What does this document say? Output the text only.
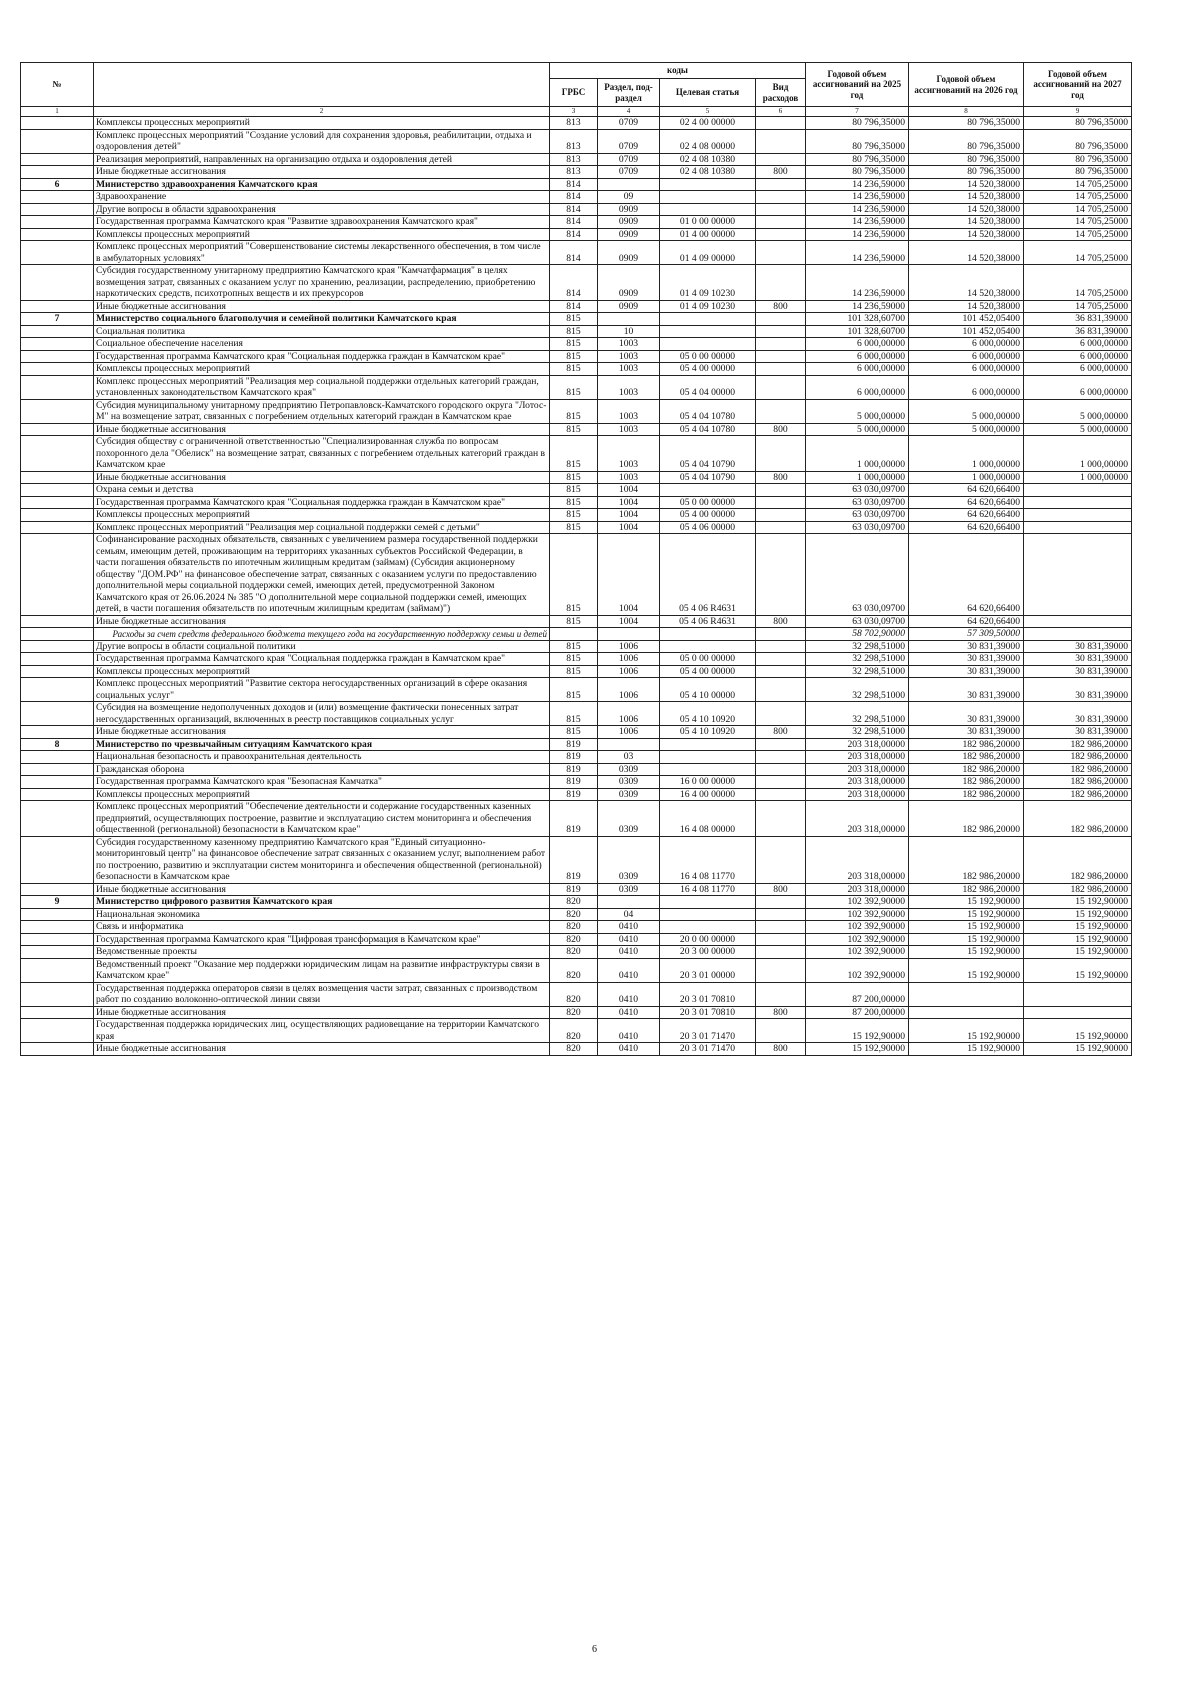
№		коды				Годовой объем ассигнований на 2025 год	Годовой объем ассигнований на 2026 год	Годовой объем ассигнований на 2027 год
		ГРБС	Раздел, под-раздел	Целевая статья	Вид расходов			
1	2	3	4	5	6	7	8	9
	Комплексы процессных мероприятий	813	0709	02 4 00 00000		80 796,35000	80 796,35000	80 796,35000
	Комплекс процессных мероприятий "Создание условий для сохранения здоровья, реабилитации, отдыха и оздоровления детей"	813	0709	02 4 08 00000		80 796,35000	80 796,35000	80 796,35000
	Реализация мероприятий, направленных на организацию отдыха и оздоровления детей	813	0709	02 4 08 10380		80 796,35000	80 796,35000	80 796,35000
	Иные бюджетные ассигнования	813	0709	02 4 08 10380	800	80 796,35000	80 796,35000	80 796,35000
6	Министерство здравоохранения Камчатского края	814				14 236,59000	14 520,38000	14 705,25000
	Здравоохранение	814	09			14 236,59000	14 520,38000	14 705,25000
	Другие вопросы в области здравоохранения	814	0909			14 236,59000	14 520,38000	14 705,25000
	Государственная программа Камчатского края "Развитие здравоохранения Камчатского края"	814	0909	01 0 00 00000		14 236,59000	14 520,38000	14 705,25000
	Комплексы процессных мероприятий	814	0909	01 4 00 00000		14 236,59000	14 520,38000	14 705,25000
	Комплекс процессных мероприятий "Совершенствование системы лекарственного обеспечения, в том числе в амбулаторных условиях"	814	0909	01 4 09 00000		14 236,59000	14 520,38000	14 705,25000
	Субсидия государственному унитарному предприятию Камчатского края "Камчатфармация" в целях возмещения затрат, связанных с оказанием услуг по хранению, реализации, распределению, приобретению наркотических средств, психотропных веществ и их прекурсоров	814	0909	01 4 09 10230		14 236,59000	14 520,38000	14 705,25000
	Иные бюджетные ассигнования	814	0909	01 4 09 10230	800	14 236,59000	14 520,38000	14 705,25000
7	Министерство социального благополучия и семейной политики Камчатского края	815				101 328,60700	101 452,05400	36 831,39000
	Социальная политика	815	10			101 328,60700	101 452,05400	36 831,39000
	Социальное обеспечение населения	815	1003			6 000,00000	6 000,00000	6 000,00000
	Государственная программа Камчатского края "Социальная поддержка граждан в Камчатском крае"	815	1003	05 0 00 00000		6 000,00000	6 000,00000	6 000,00000
	Комплексы процессных мероприятий	815	1003	05 4 00 00000		6 000,00000	6 000,00000	6 000,00000
	Комплекс процессных мероприятий "Реализация мер социальной поддержки отдельных категорий граждан, установленных законодательством Камчатского края"	815	1003	05 4 04 00000		6 000,00000	6 000,00000	6 000,00000
	Субсидия муниципальному унитарному предприятию Петропавловск-Камчатского городского округа "Лотос-М" на возмещение затрат, связанных с погребением отдельных категорий граждан в Камчатском крае	815	1003	05 4 04 10780		5 000,00000	5 000,00000	5 000,00000
	Иные бюджетные ассигнования	815	1003	05 4 04 10780	800	5 000,00000	5 000,00000	5 000,00000
	Субсидия обществу с ограниченной ответственностью "Специализированная служба по вопросам похоронного дела "Обелиск" на возмещение затрат, связанных с погребением отдельных категорий граждан в Камчатском крае	815	1003	05 4 04 10790		1 000,00000	1 000,00000	1 000,00000
	Иные бюджетные ассигнования	815	1003	05 4 04 10790	800	1 000,00000	1 000,00000	1 000,00000
	Охрана семьи и детства	815	1004			63 030,09700	64 620,66400	
	Государственная программа Камчатского края "Социальная поддержка граждан в Камчатском крае"	815	1004	05 0 00 00000		63 030,09700	64 620,66400	
	Комплексы процессных мероприятий	815	1004	05 4 00 00000		63 030,09700	64 620,66400	
	Комплекс процессных мероприятий "Реализация мер социальной поддержки семей с детьми"	815	1004	05 4 06 00000		63 030,09700	64 620,66400	
	Софинансирование расходных обязательств, связанных с увеличением размера государственной поддержки семьям, имеющим детей, проживающим на территориях указанных субъектов Российской Федерации, в части погашения обязательств по ипотечным жилищным кредитам (займам) (Субсидия акционерному обществу "ДОМ.РФ" на финансовое обеспечение затрат, связанных с оказанием услуги по предоставлению дополнительной меры социальной поддержки семей, имеющих детей, предусмотренной Законом Камчатского края от 26.06.2024 № 385 "О дополнительной мере социальной поддержки семей, имеющих детей, в части погашения обязательств по ипотечным жилищным кредитам (займам)")	815	1004	05 4 06 R4631		63 030,09700	64 620,66400	
	Иные бюджетные ассигнования	815	1004	05 4 06 R4631	800	63 030,09700	64 620,66400	
	Расходы за счет средств федерального бюджета текущего года на государственную поддержку семьи и детей					58 702,90000	57 309,50000	
	Другие вопросы в области социальной политики	815	1006			32 298,51000	30 831,39000	30 831,39000
	Государственная программа Камчатского края "Социальная поддержка граждан в Камчатском крае"	815	1006	05 0 00 00000		32 298,51000	30 831,39000	30 831,39000
	Комплексы процессных мероприятий	815	1006	05 4 00 00000		32 298,51000	30 831,39000	30 831,39000
	Комплекс процессных мероприятий "Развитие сектора негосударственных организаций в сфере оказания социальных услуг"	815	1006	05 4 10 00000		32 298,51000	30 831,39000	30 831,39000
	Субсидия на возмещение недополученных доходов и (или) возмещение фактически понесенных затрат негосударственных организаций, включенных в реестр поставщиков социальных услуг	815	1006	05 4 10 10920		32 298,51000	30 831,39000	30 831,39000
	Иные бюджетные ассигнования	815	1006	05 4 10 10920	800	32 298,51000	30 831,39000	30 831,39000
8	Министерство по чрезвычайным ситуациям Камчатского края	819				203 318,00000	182 986,20000	182 986,20000
	Национальная безопасность и правоохранительная деятельность	819	03			203 318,00000	182 986,20000	182 986,20000
	Гражданская оборона	819	0309			203 318,00000	182 986,20000	182 986,20000
	Государственная программа Камчатского края "Безопасная Камчатка"	819	0309	16 0 00 00000		203 318,00000	182 986,20000	182 986,20000
	Комплексы процессных мероприятий	819	0309	16 4 00 00000		203 318,00000	182 986,20000	182 986,20000
	Комплекс процессных мероприятий "Обеспечение деятельности и содержание государственных казенных предприятий, осуществляющих построение, развитие и эксплуатацию систем мониторинга и обеспечения общественной (региональной) безопасности в Камчатском крае"	819	0309	16 4 08 00000		203 318,00000	182 986,20000	182 986,20000
	Субсидия государственному казенному предприятию Камчатского края "Единый ситуационно-мониторинговый центр" на финансовое обеспечение затрат связанных с оказанием услуг, выполнением работ по построению, развитию и эксплуатации систем мониторинга и обеспечения общественной (региональной) безопасности в Камчатском крае	819	0309	16 4 08 11770		203 318,00000	182 986,20000	182 986,20000
	Иные бюджетные ассигнования	819	0309	16 4 08 11770	800	203 318,00000	182 986,20000	182 986,20000
9	Министерство цифрового развития Камчатского края	820				102 392,90000	15 192,90000	15 192,90000
	Национальная экономика	820	04			102 392,90000	15 192,90000	15 192,90000
	Связь и информатика	820	0410			102 392,90000	15 192,90000	15 192,90000
	Государственная программа Камчатского края "Цифровая трансформация в Камчатском крае"	820	0410	20 0 00 00000		102 392,90000	15 192,90000	15 192,90000
	Ведомственные проекты	820	0410	20 3 00 00000		102 392,90000	15 192,90000	15 192,90000
	Ведомственный проект "Оказание мер поддержки юридическим лицам на развитие инфраструктуры связи в Камчатском крае"	820	0410	20 3 01 00000		102 392,90000	15 192,90000	15 192,90000
	Государственная поддержка операторов связи в целях возмещения части затрат, связанных с производством работ по созданию волоконно-оптической линии связи	820	0410	20 3 01 70810		87 200,00000		
	Иные бюджетные ассигнования	820	0410	20 3 01 70810	800	87 200,00000		
	Государственная поддержка юридических лиц, осуществляющих радиовещание на территории Камчатского края	820	0410	20 3 01 71470		15 192,90000	15 192,90000	15 192,90000
	Иные бюджетные ассигнования	820	0410	20 3 01 71470	800	15 192,90000	15 192,90000	15 192,90000
6
